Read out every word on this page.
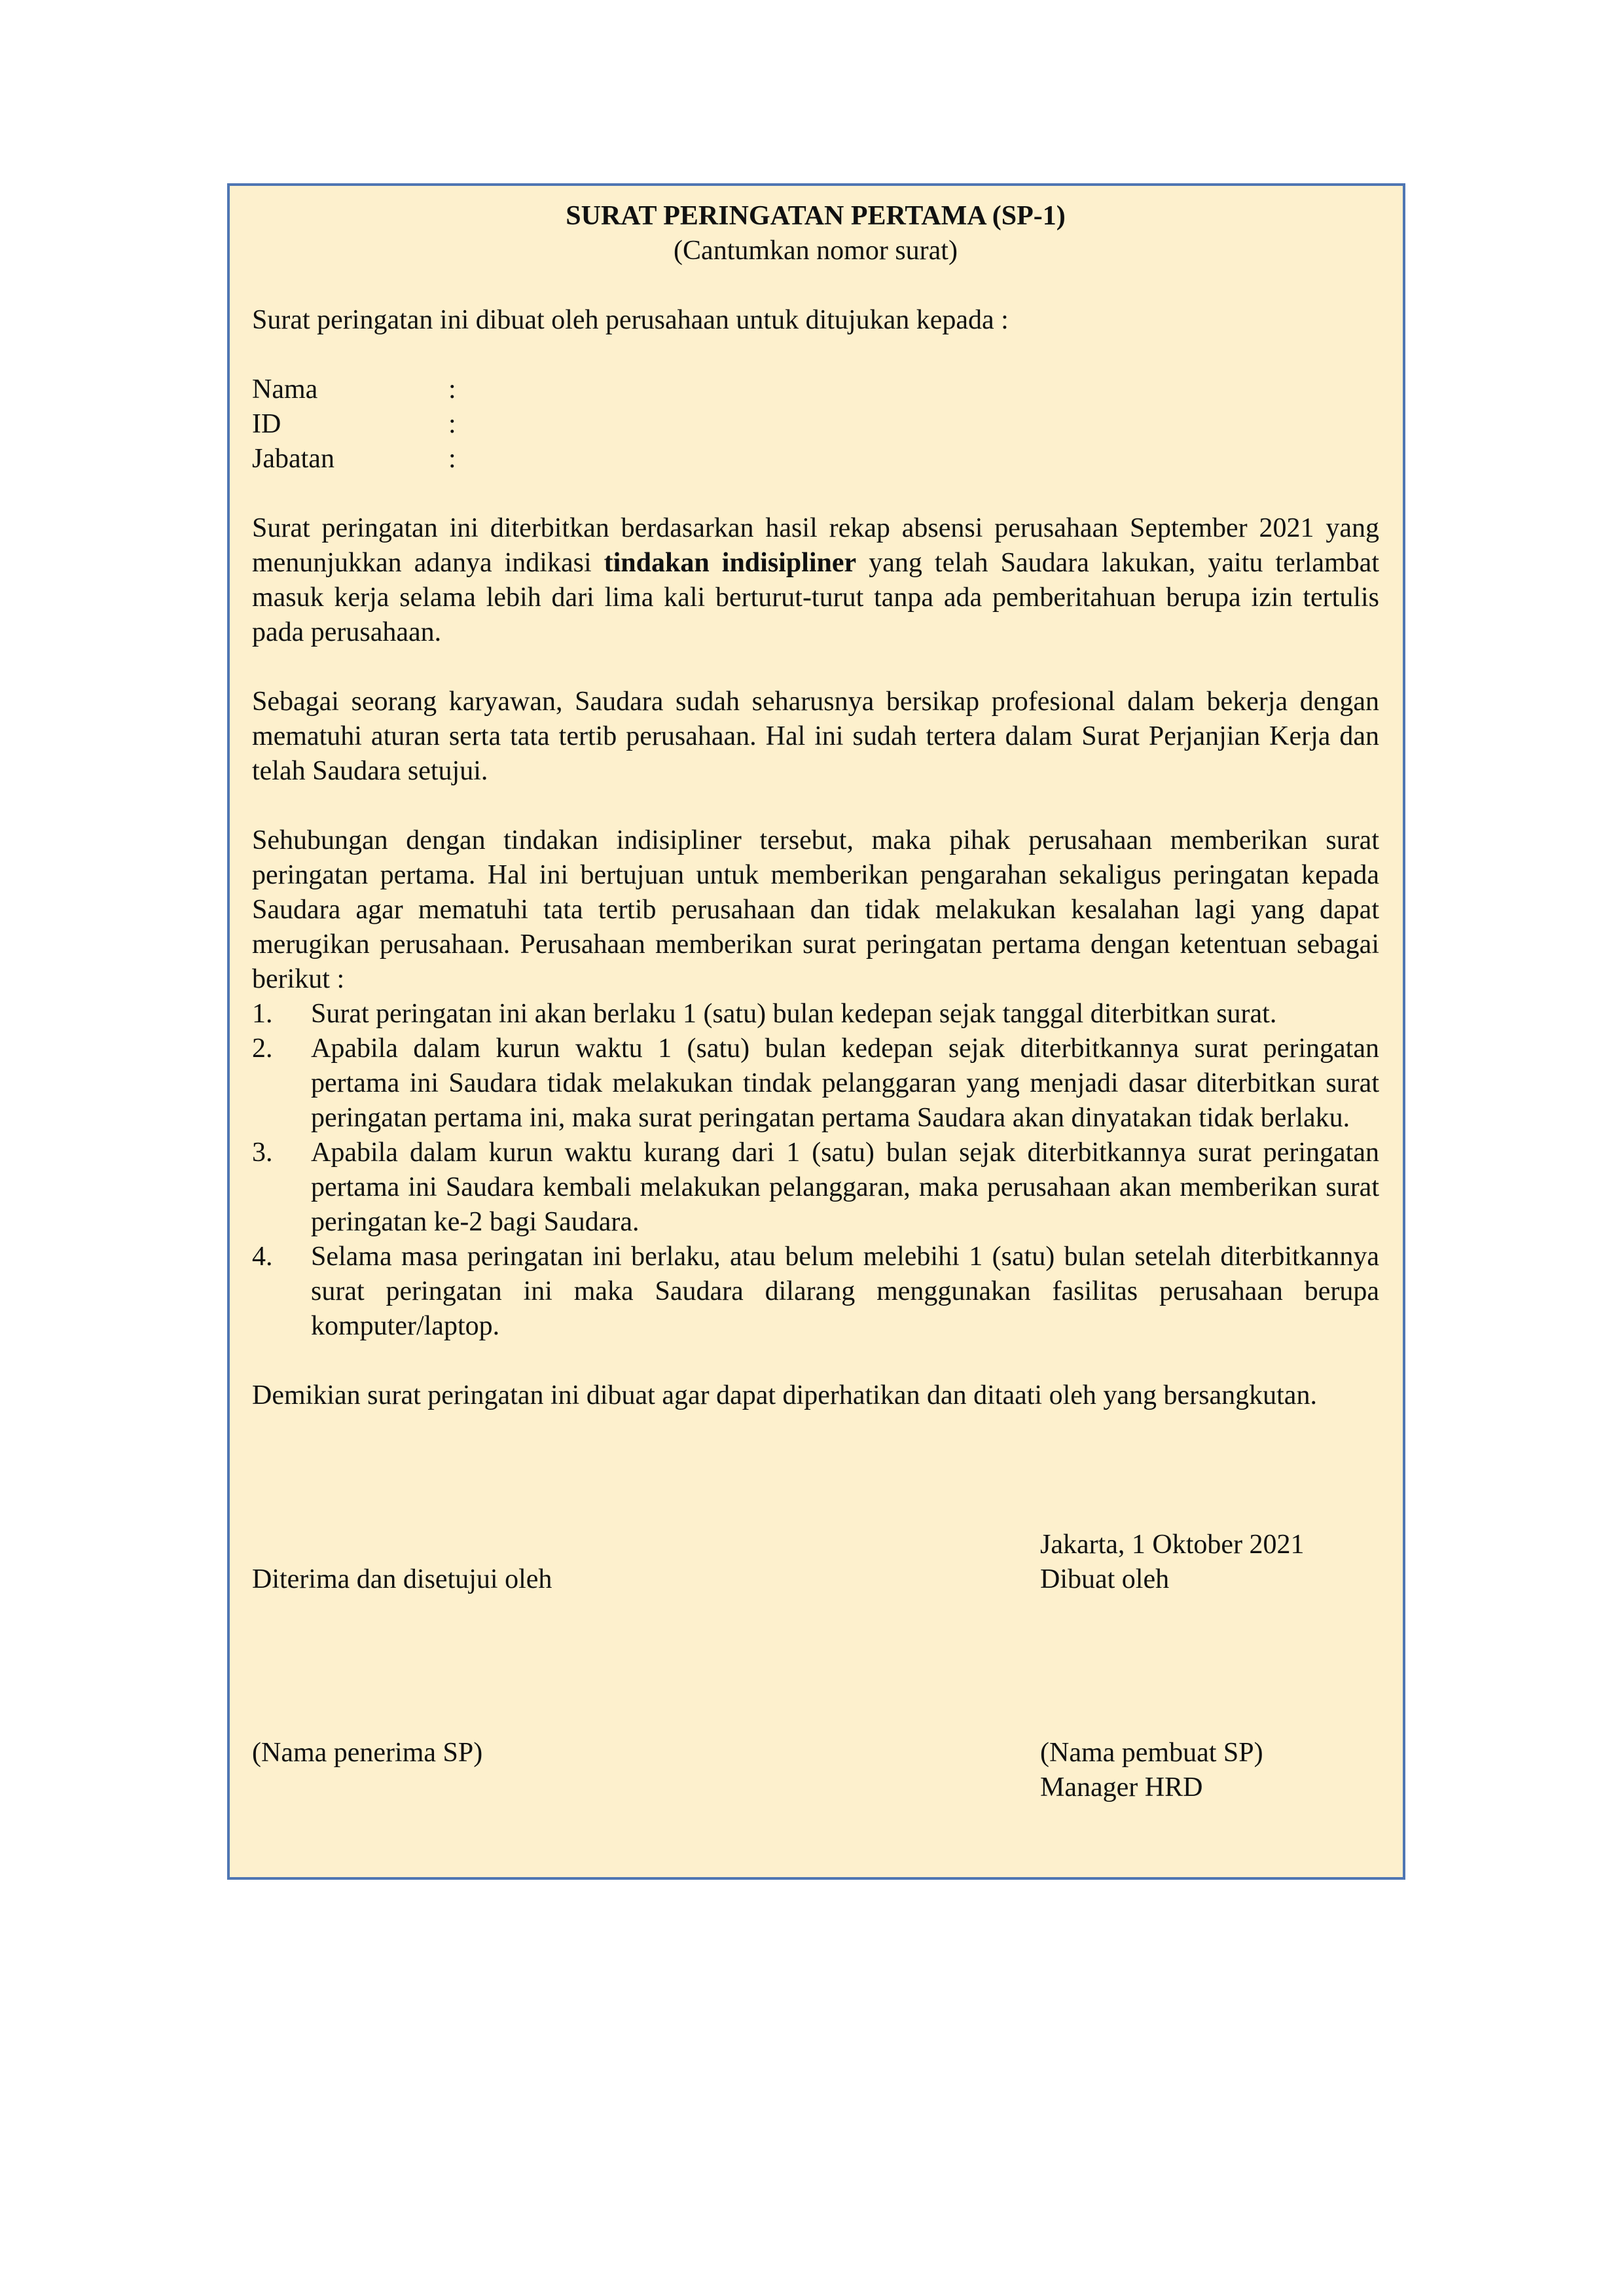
SURAT PERINGATAN PERTAMA (SP-1)

(Cantumkan nomor surat)

Surat peringatan ini dibuat oleh perusahaan untuk ditujukan kepada :

Nama	:
ID	:
Jabatan	:

Surat peringatan ini diterbitkan berdasarkan hasil rekap absensi perusahaan September 2021 yang menunjukkan adanya indikasi tindakan indisipliner yang telah Saudara lakukan, yaitu terlambat masuk kerja selama lebih dari lima kali berturut-turut tanpa ada pemberitahuan berupa izin tertulis pada perusahaan.

Sebagai seorang karyawan, Saudara sudah seharusnya bersikap profesional dalam bekerja dengan mematuhi aturan serta tata tertib perusahaan. Hal ini sudah tertera dalam Surat Perjanjian Kerja dan telah Saudara setujui.

Sehubungan dengan tindakan indisipliner tersebut, maka pihak perusahaan memberikan surat peringatan pertama. Hal ini bertujuan untuk memberikan pengarahan sekaligus peringatan kepada Saudara agar mematuhi tata tertib perusahaan dan tidak melakukan kesalahan lagi yang dapat merugikan perusahaan. Perusahaan memberikan surat peringatan pertama dengan ketentuan sebagai berikut :

1.	Surat peringatan ini akan berlaku 1 (satu) bulan kedepan sejak tanggal diterbitkan surat.
2.	Apabila dalam kurun waktu 1 (satu) bulan kedepan sejak diterbitkannya surat peringatan pertama ini Saudara tidak melakukan tindak pelanggaran yang menjadi dasar diterbitkan surat peringatan pertama ini, maka surat peringatan pertama Saudara akan dinyatakan tidak berlaku.
3.	Apabila dalam kurun waktu kurang dari 1 (satu) bulan sejak diterbitkannya surat peringatan pertama ini Saudara kembali melakukan pelanggaran, maka perusahaan akan memberikan surat peringatan ke-2 bagi Saudara.
4.	Selama masa peringatan ini berlaku, atau belum melebihi 1 (satu) bulan setelah diterbitkannya surat peringatan ini maka Saudara dilarang menggunakan fasilitas perusahaan berupa komputer/laptop.

Demikian surat peringatan ini dibuat agar dapat diperhatikan dan ditaati oleh yang bersangkutan.

Jakarta, 1 Oktober 2021
Diterima dan disetujui oleh	Dibuat oleh
(Nama penerima SP)	(Nama pembuat SP)
Manager HRD
